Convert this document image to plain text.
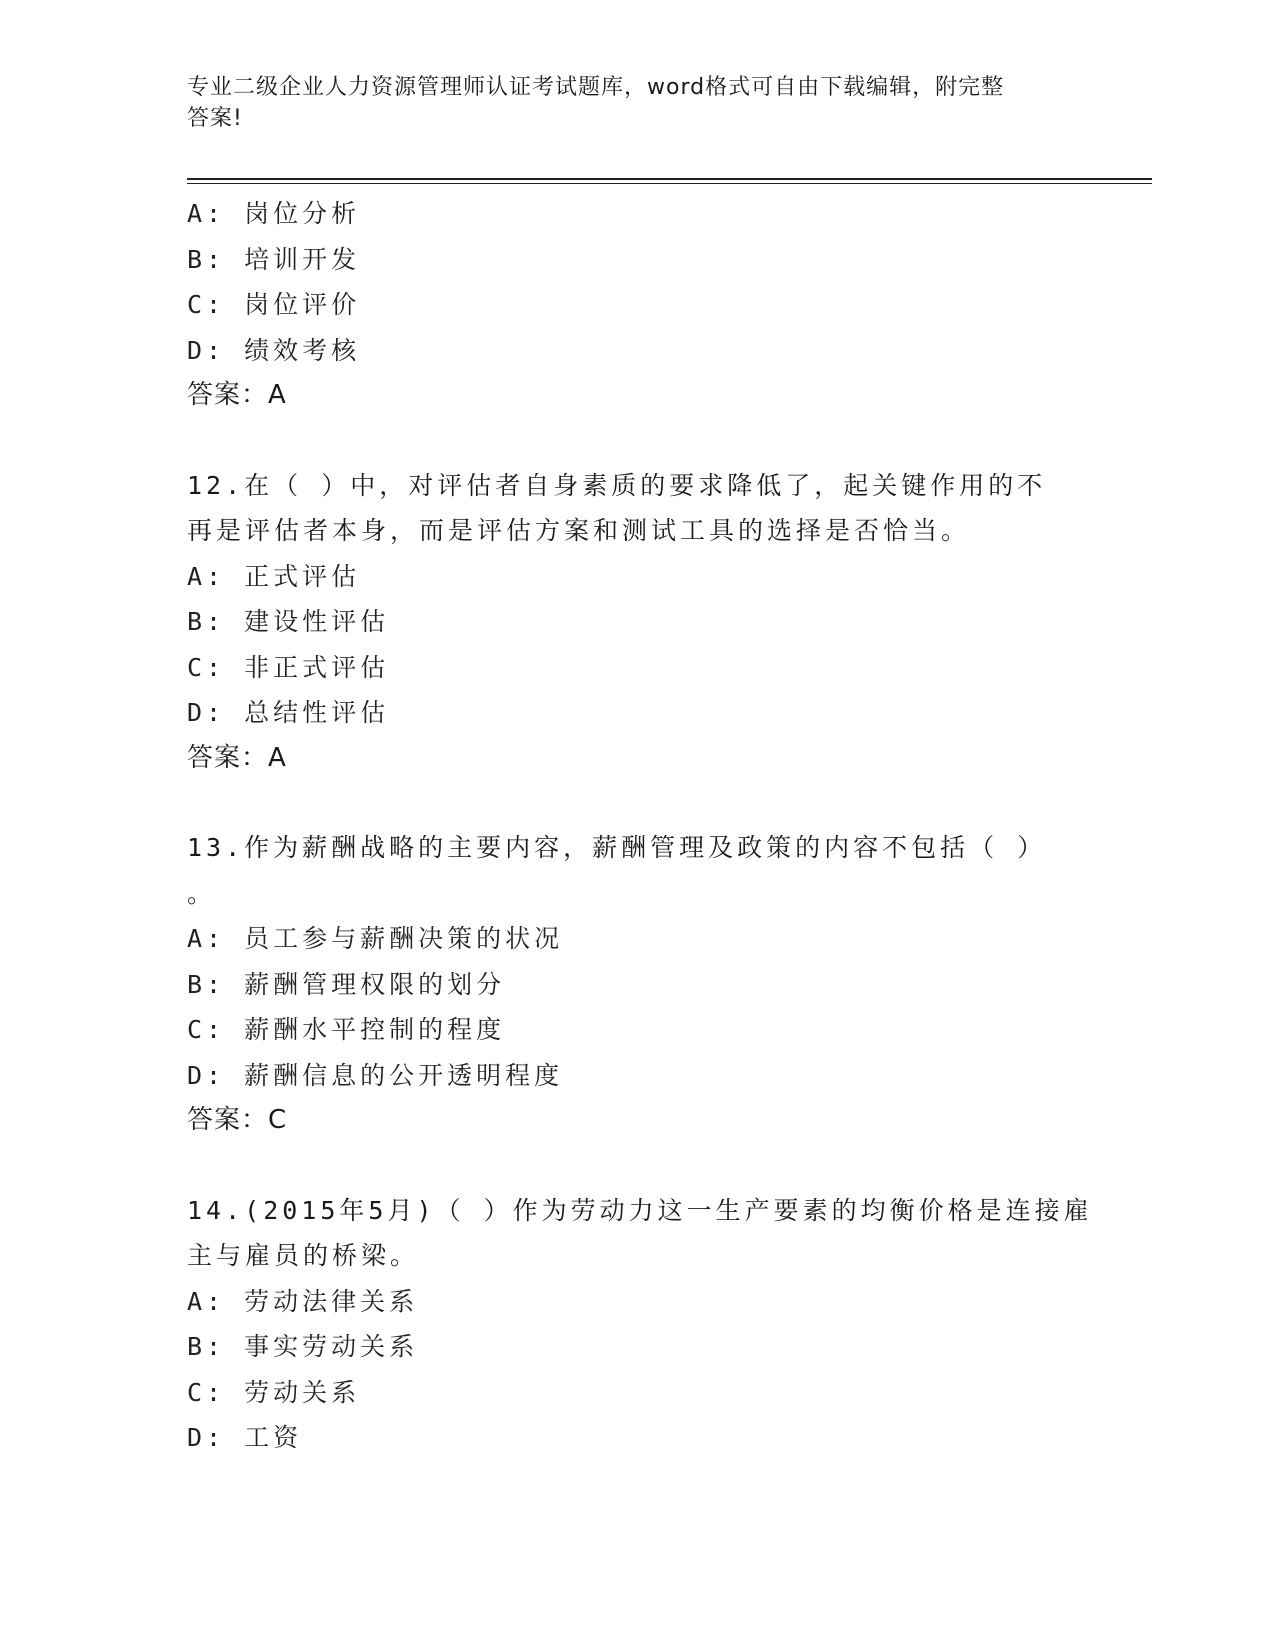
专业二级企业人力资源管理师认证考试题库，word格式可自由下载编辑，附完整
答案!
A: 岗位分析
B: 培训开发
C: 岗位评价
D: 绩效考核
答案：A
12.在（ ）中，对评估者自身素质的要求降低了，起关键作用的不
再是评估者本身，而是评估方案和测试工具的选择是否恰当。
A: 正式评估
B: 建设性评估
C: 非正式评估
D: 总结性评估
答案：A
13.作为薪酬战略的主要内容，薪酬管理及政策的内容不包括（ ）
。
A: 员工参与薪酬决策的状况
B: 薪酬管理权限的划分
C: 薪酬水平控制的程度
D: 薪酬信息的公开透明程度
答案：C
14.(2015年5月)（ ）作为劳动力这一生产要素的均衡价格是连接雇
主与雇员的桥梁。
A: 劳动法律关系
B: 事实劳动关系
C: 劳动关系
D: 工资
